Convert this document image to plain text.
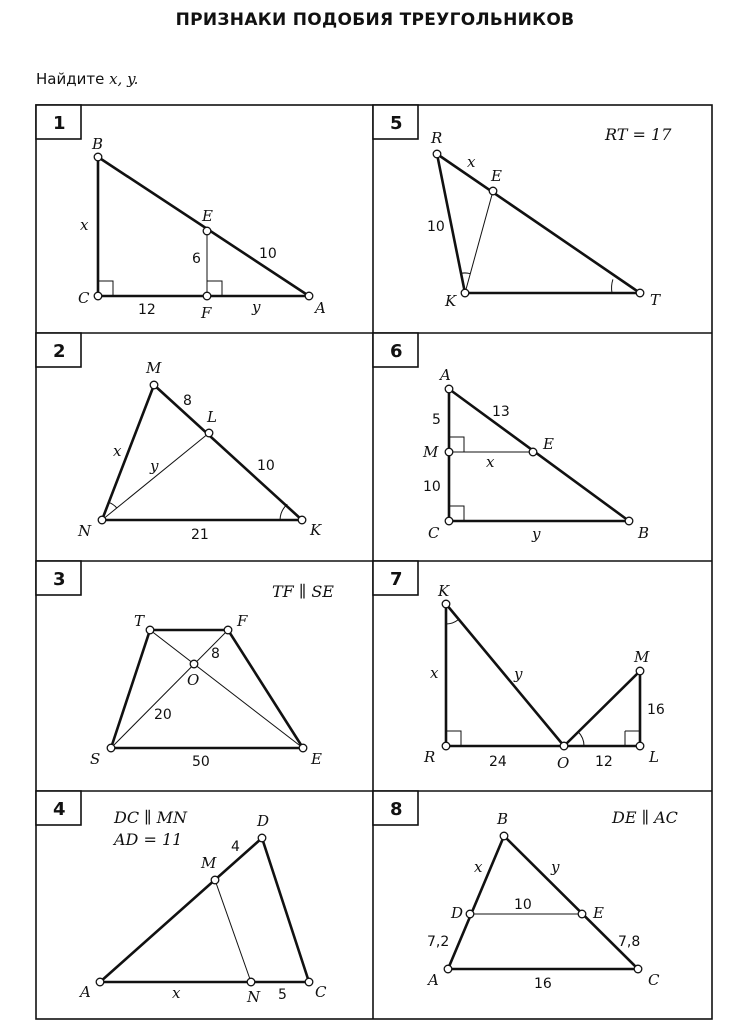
ПРИЗНАКИ ПОДОБИЯ ТРЕУГОЛЬНИКОВ
Найдите x, y.
1	5
2	6
3	7
4	8
B
E
C
F	A
x
6	10
12	y
M
L
N	K
8
x
y	10
21
TF ∥ SE
T	F
O
S	E
8
20
50
DC ∥ MN
AD = 11
D
M
A	N	C
4
x	5
RT = 17
R
E
K	T
x
10
A
M	E
C	B
5	13
x
10
y
K
M
R	O	L
x	y
16
24	12
DE ∥ AC
B
D	E
A	C
x	y
10
7,2	7,8
16
